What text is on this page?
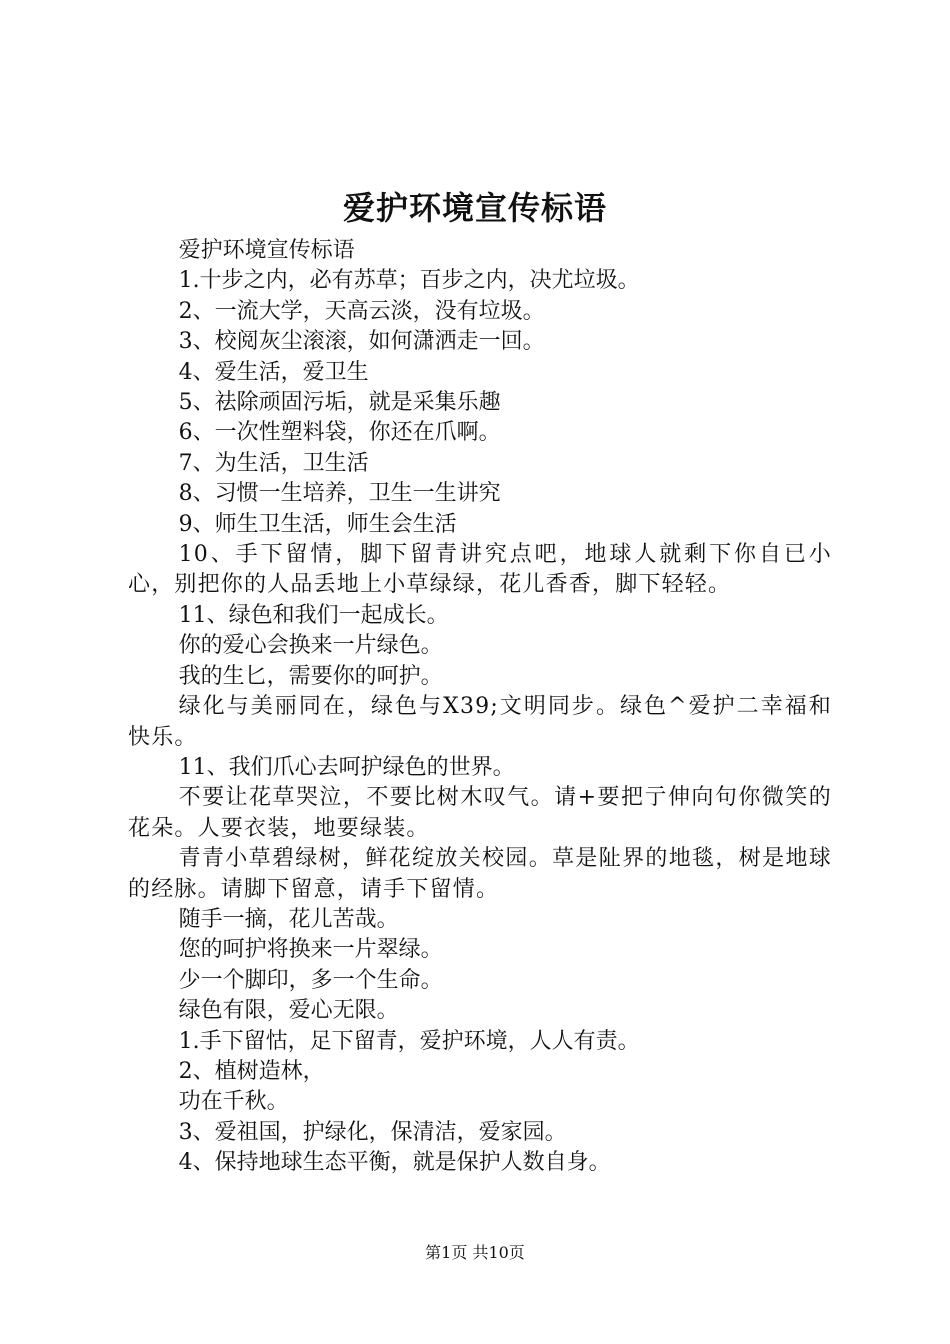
爱护环境宣传标语

爱护环境宣传标语

1.十步之内，必有苏草；百步之内，决尤垃圾。

2、一流大学，天高云淡，没有垃圾。

3、校阅灰尘滚滚，如何潇洒走一回。

4、爱生活，爱卫生

5、祛除顽固污垢，就是采集乐趣

6、一次性塑料袋，你还在爪啊。

7、为生活，卫生活

8、习惯一生培养，卫生一生讲究

9、师生卫生活，师生会生活

10、手下留情，脚下留青讲究点吧，地球人就剩下你自已小心，别把你的人品丢地上小草绿绿，花儿香香，脚下轻轻。

11、绿色和我们一起成长。

你的爱心会换来一片绿色。

我的生匕，需要你的呵护。

绿化与美丽同在，绿色与X39;文明同步。绿色^爱护二幸福和快乐。

11、我们爪心去呵护绿色的世界。

不要让花草哭泣，不要比树木叹气。请+要把亍伸向句你微笑的花朵。人要衣装，地要绿装。

青青小草碧绿树，鲜花绽放关校园。草是阯界的地毯，树是地球的经脉。请脚下留意，请手下留情。

随手一摘，花儿苦哉。

您的呵护将换来一片翠绿。

少一个脚印，多一个生命。

绿色有限，爱心无限。

1.手下留怙，足下留青，爱护环境，人人有责。

2、植树造林，

功在千秋。

3、爱祖国，护绿化，保清洁，爱家园。

4、保持地球生态平衡，就是保护人数自身。

第1页 共10页
